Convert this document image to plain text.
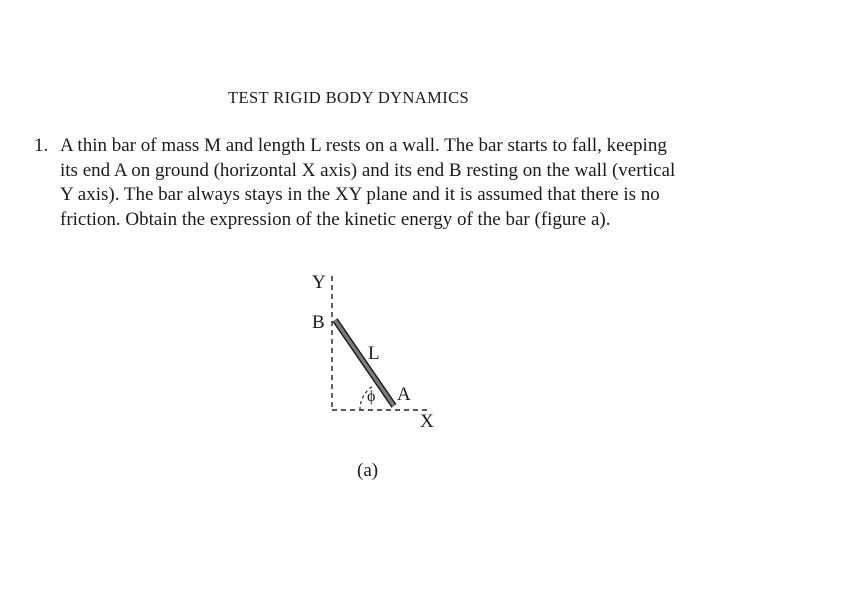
TEST RIGID BODY DYNAMICS
1. A thin bar of mass M and length L rests on a wall. The bar starts to fall, keeping
its end A on ground (horizontal X axis) and its end B resting on the wall (vertical
Y axis). The bar always stays in the XY plane and it is assumed that there is no
friction. Obtain the expression of the kinetic energy of the bar (figure a).
Y
B
L
ϕ A
X
(a)
